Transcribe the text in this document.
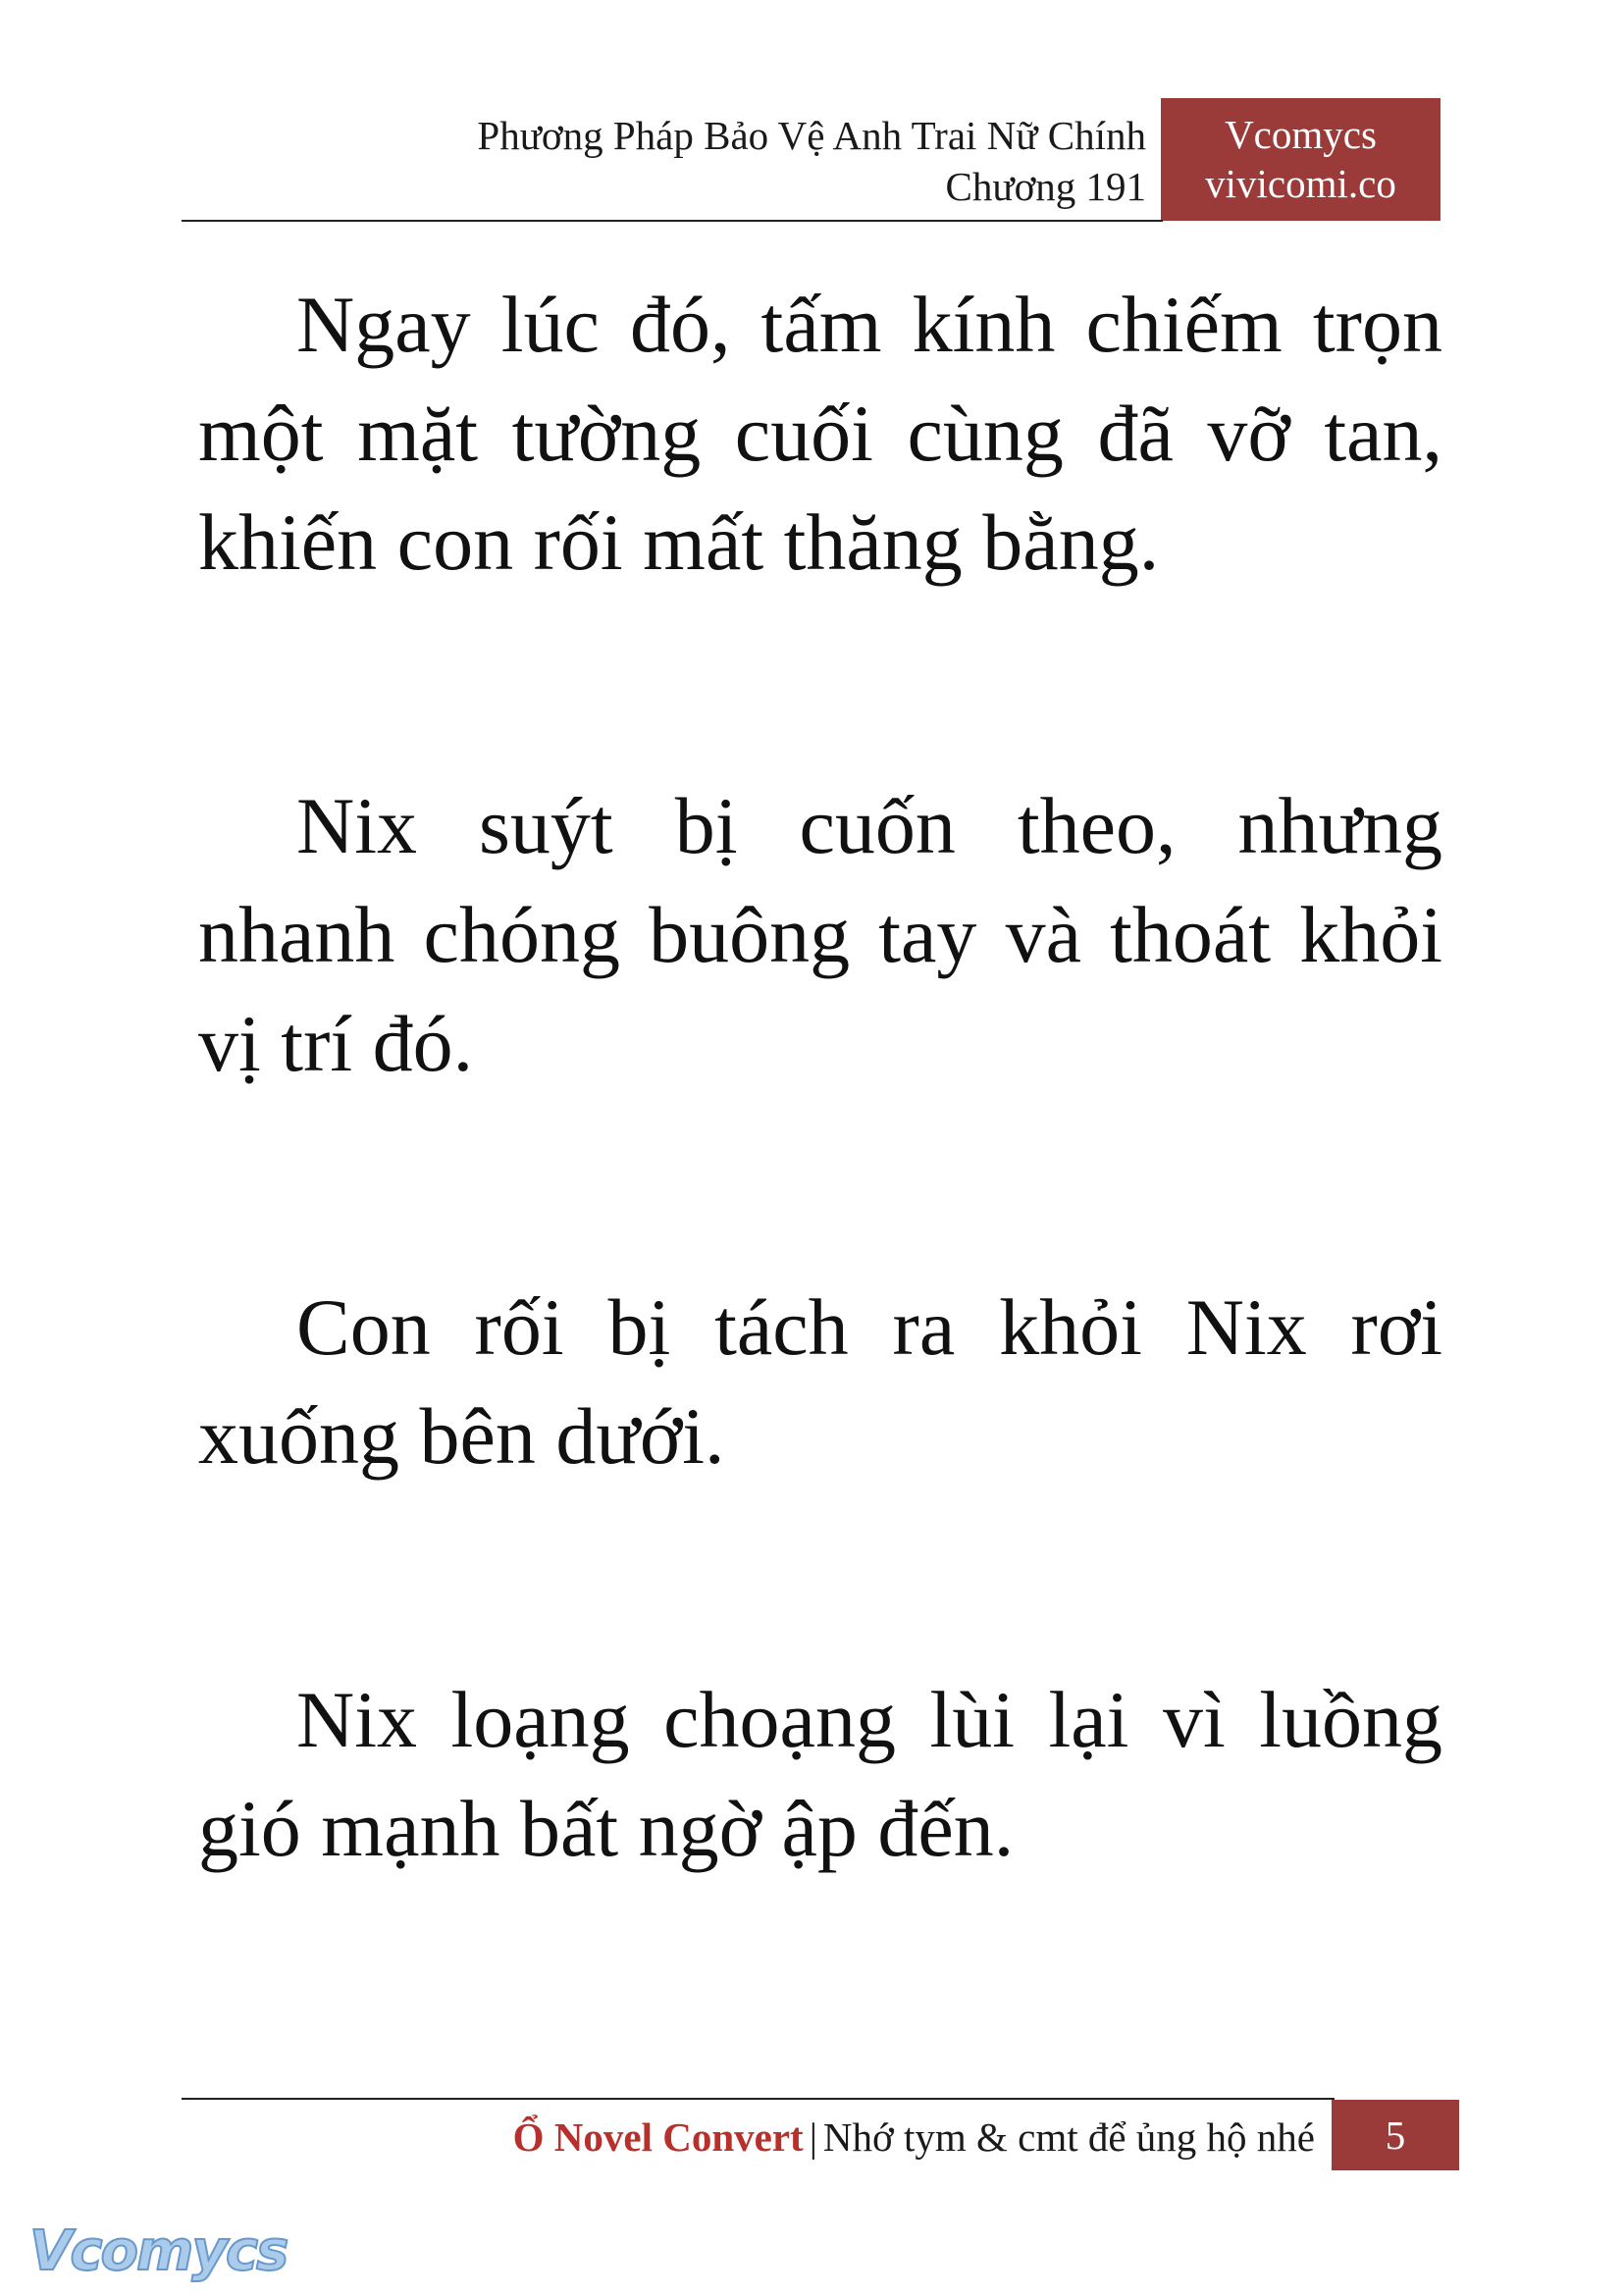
Phương Pháp Bảo Vệ Anh Trai Nữ Chính
Chương 191
Vcomycs
vivicomi.co

Ngay lúc đó, tấm kính chiếm trọn một mặt tường cuối cùng đã vỡ tan, khiến con rối mất thăng bằng.

Nix suýt bị cuốn theo, nhưng nhanh chóng buông tay và thoát khỏi vị trí đó.

Con rối bị tách ra khỏi Nix rơi xuống bên dưới.

Nix loạng choạng lùi lại vì luồng gió mạnh bất ngờ ập đến.

Ổ Novel Convert | Nhớ tym & cmt để ủng hộ nhé	5
Vcomycs
